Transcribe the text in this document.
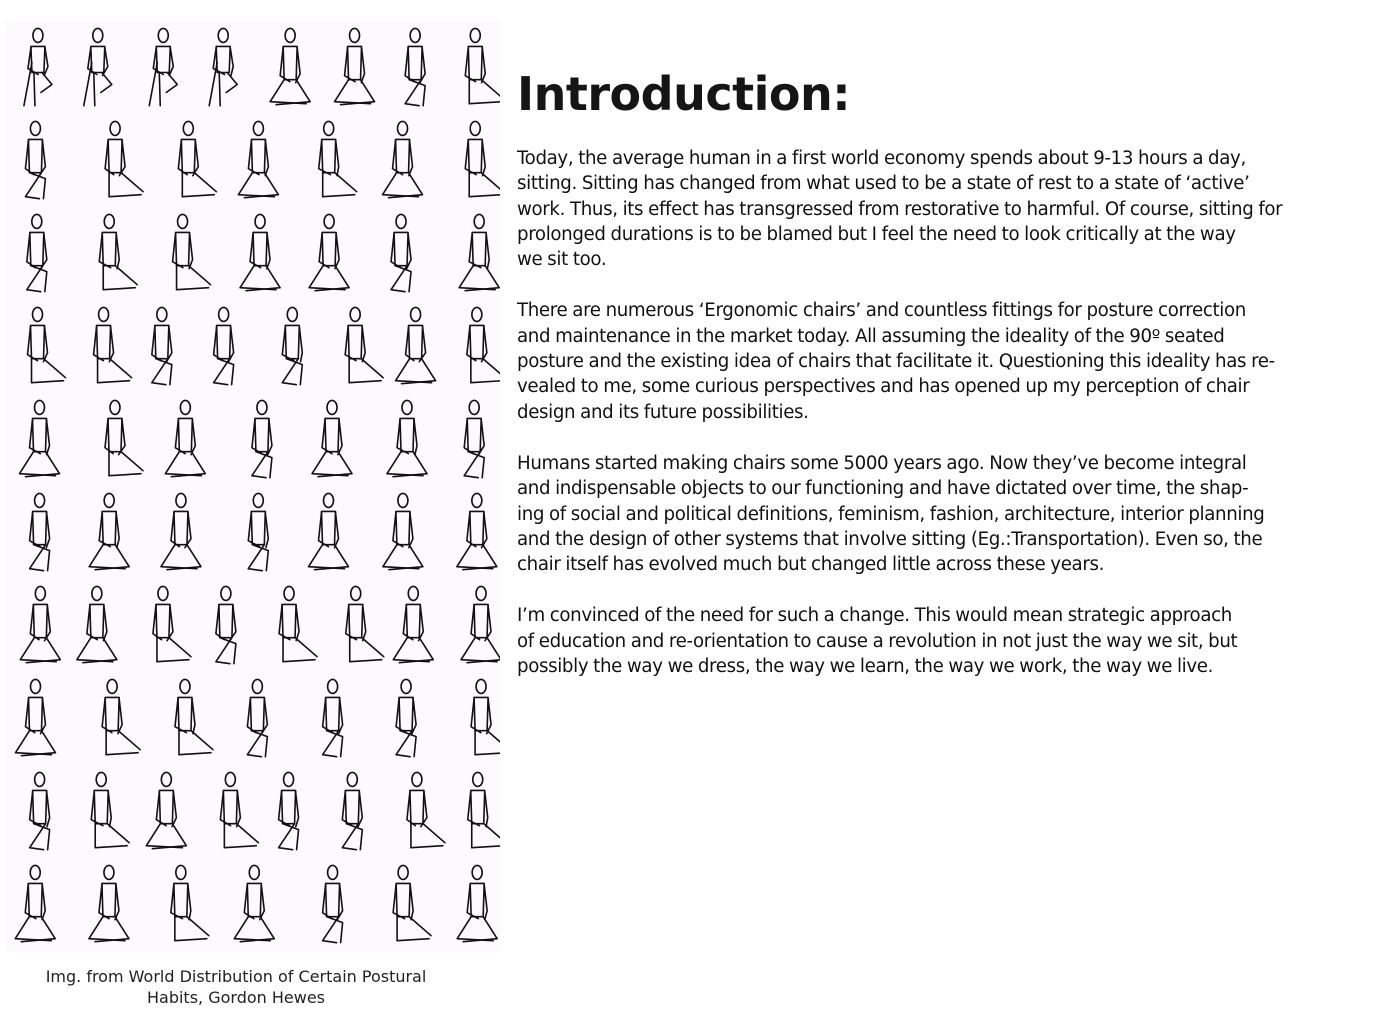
Img. from World Distribution of Certain Postural
Habits, Gordon Hewes
Introduction:

Today, the average human in a first world economy spends about 9-13 hours a day,
sitting. Sitting has changed from what used to be a state of rest to a state of ‘active’
work. Thus, its effect has transgressed from restorative to harmful. Of course, sitting for
prolonged durations is to be blamed but I feel the need to look critically at the way
we sit too.

There are numerous ‘Ergonomic chairs’ and countless fittings for posture correction
and maintenance in the market today. All assuming the ideality of the 90º seated
posture and the existing idea of chairs that facilitate it. Questioning this ideality has re-
vealed to me, some curious perspectives and has opened up my perception of chair
design and its future possibilities.

Humans started making chairs some 5000 years ago. Now they’ve become integral
and indispensable objects to our functioning and have dictated over time, the shap-
ing of social and political definitions, feminism, fashion, architecture, interior planning
and the design of other systems that involve sitting (Eg.:Transportation). Even so, the
chair itself has evolved much but changed little across these years.

I’m convinced of the need for such a change. This would mean strategic approach
of education and re-orientation to cause a revolution in not just the way we sit, but
possibly the way we dress, the way we learn, the way we work, the way we live.
